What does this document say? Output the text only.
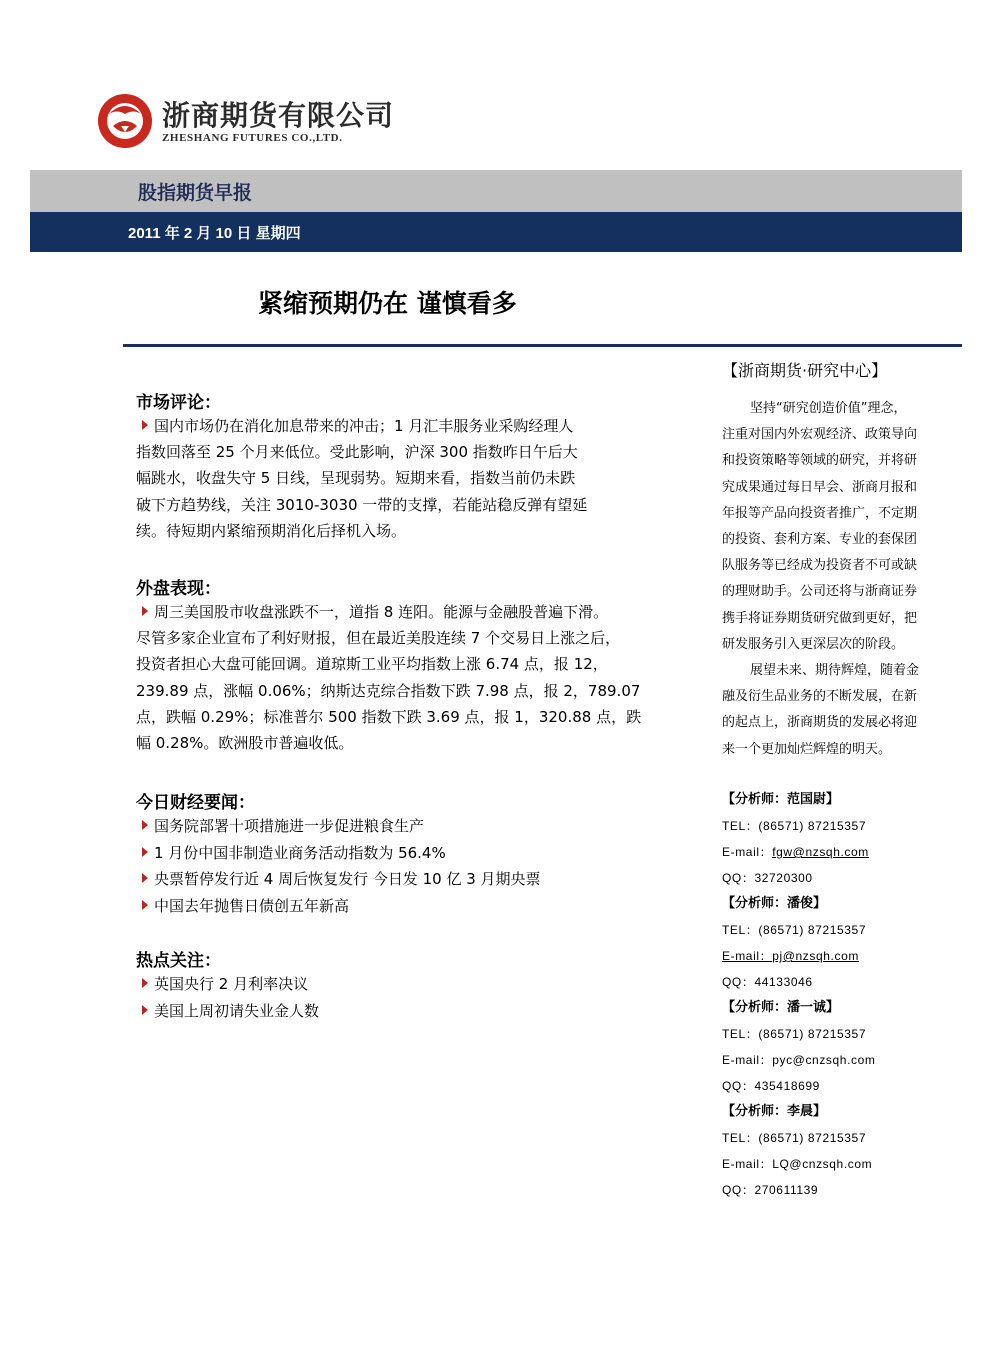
浙商期货有限公司
ZHESHANG FUTURES CO.,LTD.
股指期货早报
2011 年 2 月 10 日 星期四
紧缩预期仍在 谨慎看多
市场评论：
国内市场仍在消化加息带来的冲击；1 月汇丰服务业采购经理人
指数回落至 25 个月来低位。受此影响，沪深 300 指数昨日午后大
幅跳水，收盘失守 5 日线，呈现弱势。短期来看，指数当前仍未跌
破下方趋势线，关注 3010-3030 一带的支撑，若能站稳反弹有望延
续。待短期内紧缩预期消化后择机入场。
外盘表现：
周三美国股市收盘涨跌不一，道指 8 连阳。能源与金融股普遍下滑。
尽管多家企业宣布了利好财报，但在最近美股连续 7 个交易日上涨之后，
投资者担心大盘可能回调。道琼斯工业平均指数上涨 6.74 点，报 12，
239.89 点，涨幅 0.06%；纳斯达克综合指数下跌 7.98 点，报 2，789.07
点，跌幅 0.29%；标准普尔 500 指数下跌 3.69 点，报 1，320.88 点，跌
幅 0.28%。欧洲股市普遍收低。
今日财经要闻：
国务院部署十项措施进一步促进粮食生产
1 月份中国非制造业商务活动指数为 56.4%
央票暂停发行近 4 周后恢复发行 今日发 10 亿 3 月期央票
中国去年抛售日债创五年新高
热点关注：
英国央行 2 月利率决议
美国上周初请失业金人数
【浙商期货·研究中心】
坚持“研究创造价值”理念，
注重对国内外宏观经济、政策导向
和投资策略等领域的研究，并将研
究成果通过每日早会、浙商月报和
年报等产品向投资者推广，不定期
的投资、套利方案、专业的套保团
队服务等已经成为投资者不可或缺
的理财助手。公司还将与浙商证券
携手将证券期货研究做到更好，把
研发服务引入更深层次的阶段。
展望未来、期待辉煌，随着金
融及衍生品业务的不断发展，在新
的起点上，浙商期货的发展必将迎
来一个更加灿烂辉煌的明天。
【分析师：范国尉】
TEL：(86571) 87215357
E-mail：fgw@nzsqh.com
QQ：32720300
【分析师：潘俊】
TEL：(86571) 87215357
E-mail：pj@nzsqh.com
QQ：44133046
【分析师：潘一诚】
TEL：(86571) 87215357
E-mail：pyc@cnzsqh.com
QQ：435418699
【分析师：李晨】
TEL：(86571) 87215357
E-mail：LQ@cnzsqh.com
QQ：270611139
